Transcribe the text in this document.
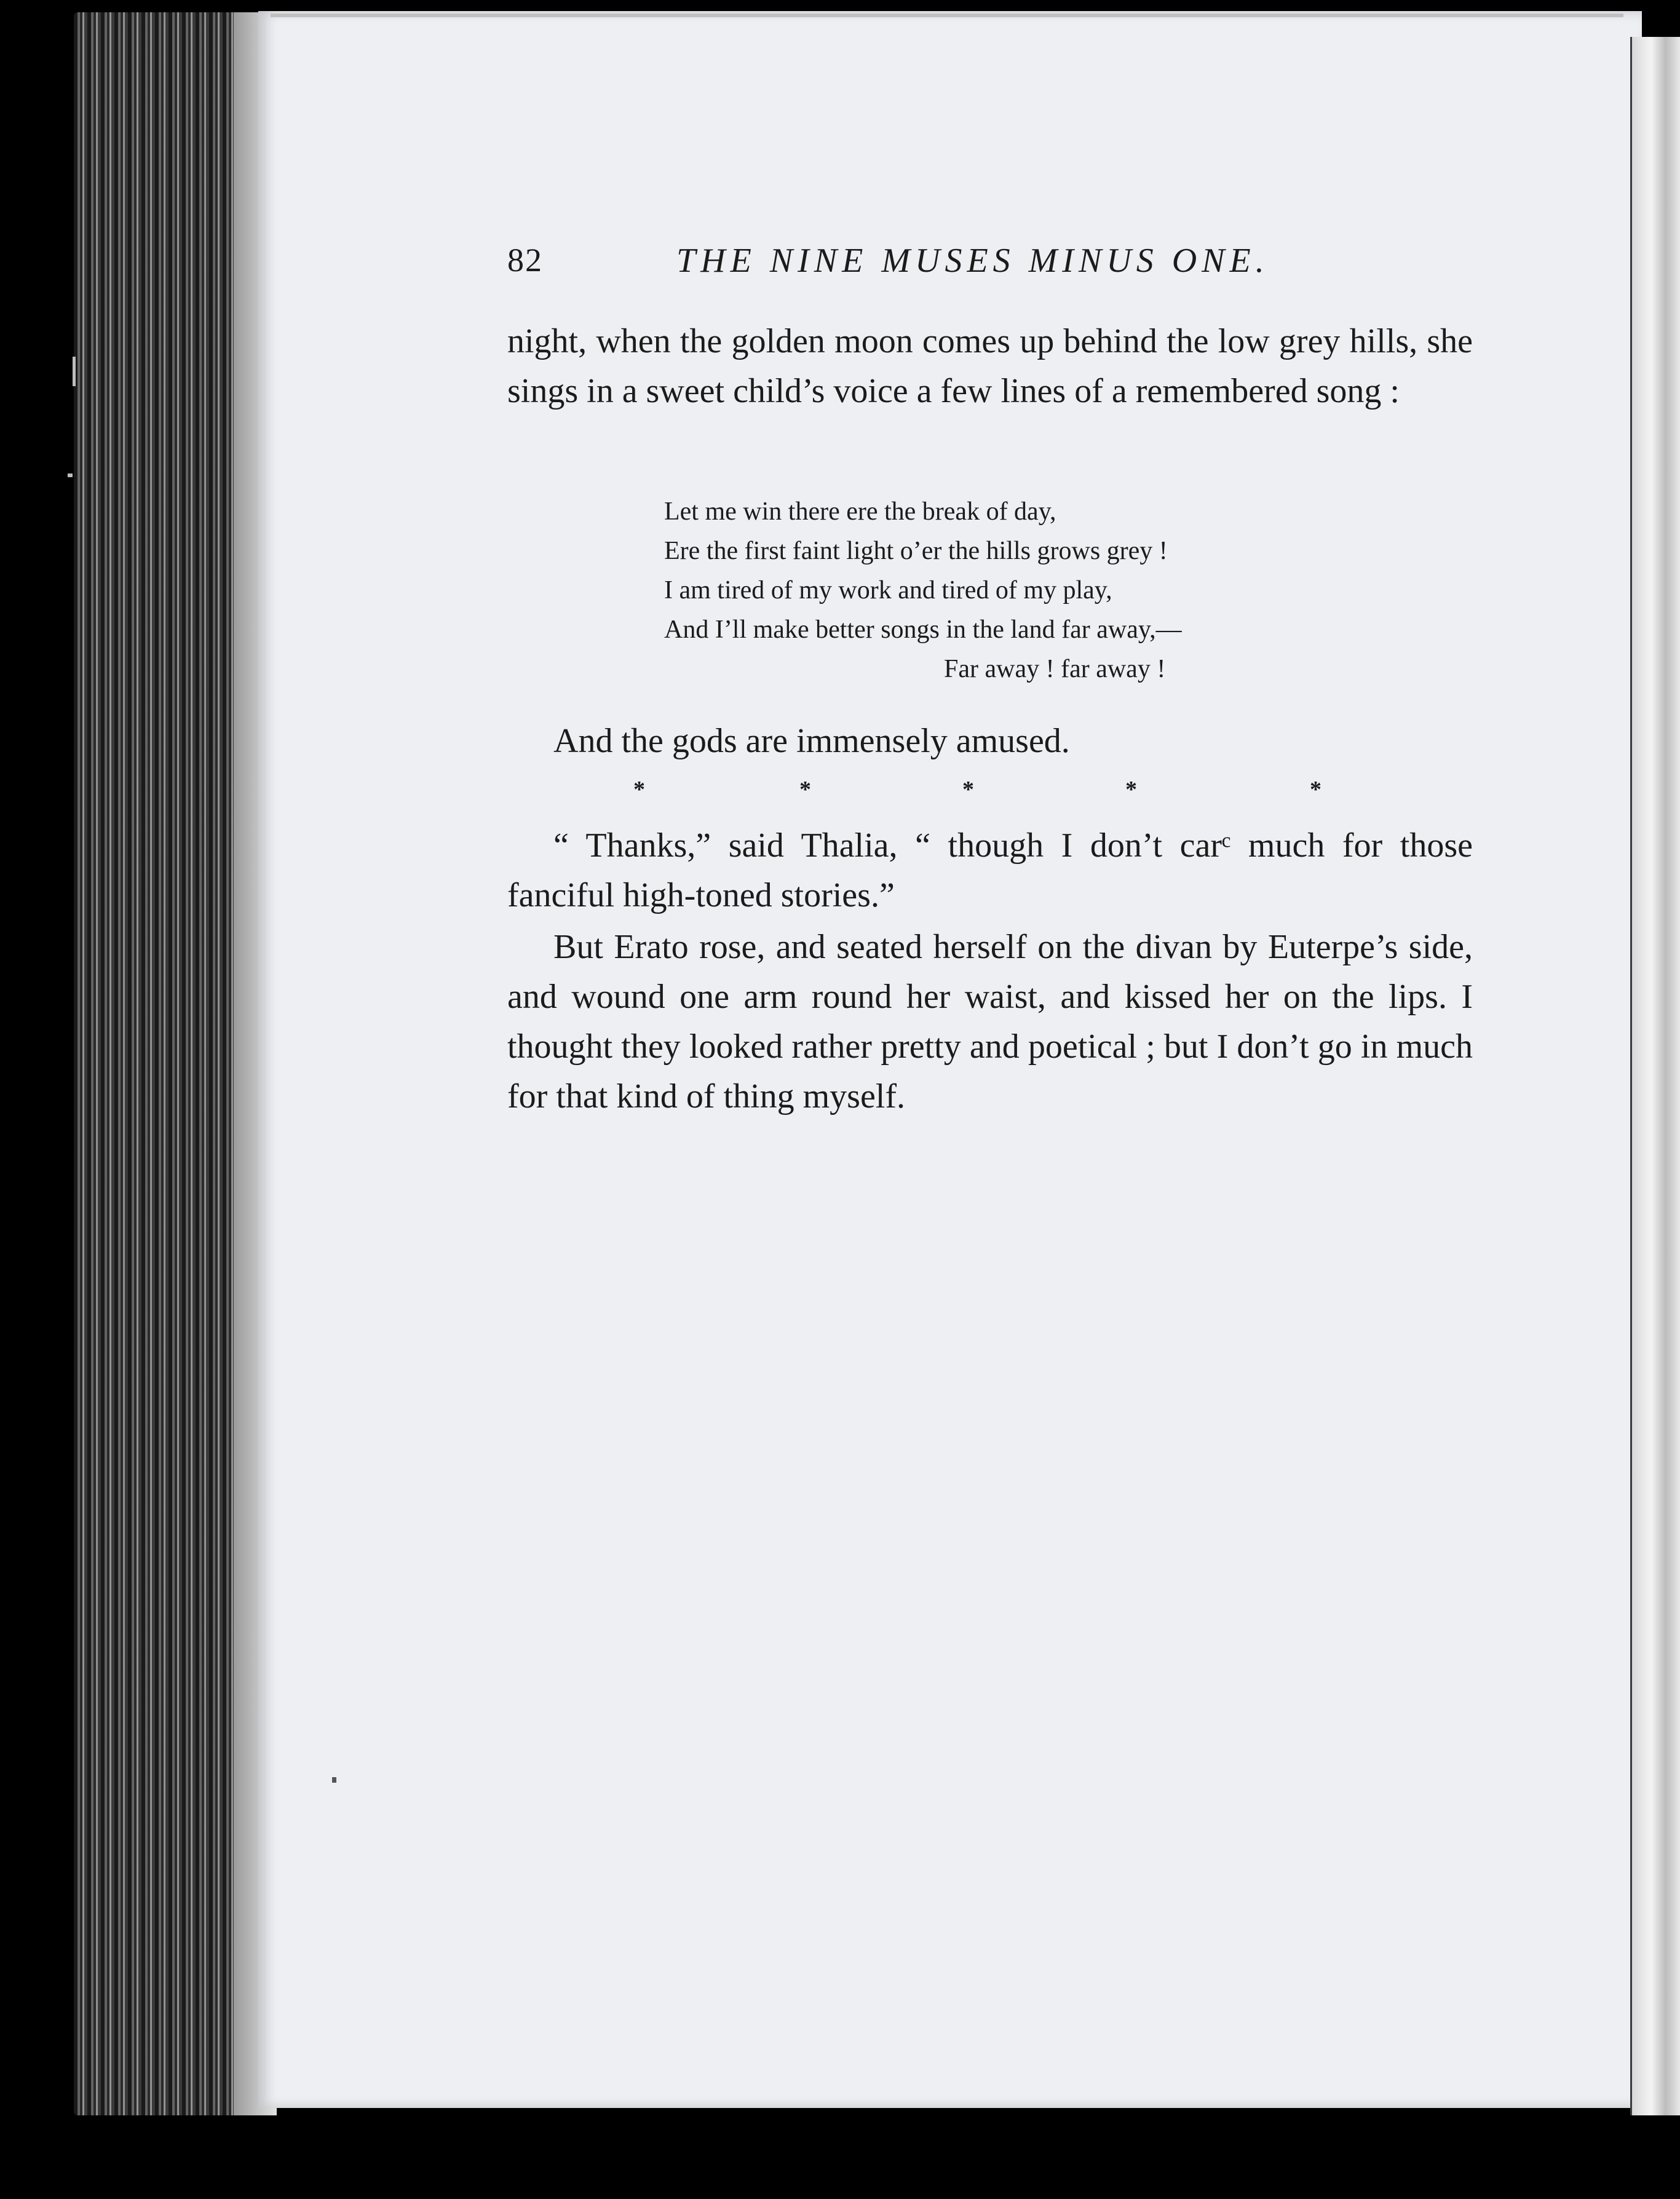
82	THE NINE MUSES MINUS ONE.

night, when the golden moon comes up behind the low grey hills, she sings in a sweet child’s voice a few lines of a remembered song :

Let me win there ere the break of day,
Ere the first faint light o’er the hills grows grey !
I am tired of my work and tired of my play,
And I’ll make better songs in the land far away,—
Far away ! far away !

And the gods are immensely amused.

*	*	*	*	*

“ Thanks,” said Thalia, “ though I don’t carᶜ much for those fanciful high-toned stories.”

But Erato rose, and seated herself on the divan by Euterpe’s side, and wound one arm round her waist, and kissed her on the lips. I thought they looked rather pretty and poetical ; but I don’t go in much for that kind of thing myself.
